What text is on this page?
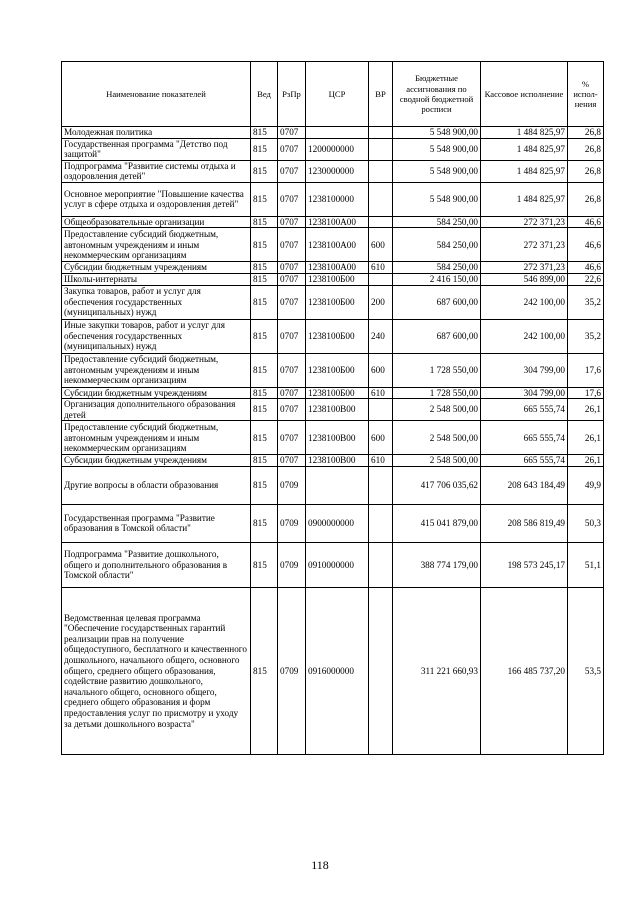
Наименование показателей	Вед	РзПр	ЦСР	ВР	Бюджетные ассигнования по сводной бюджетной росписи	Кассовое исполнение	% испол-нения
Молодежная политика	815	0707			5 548 900,00	1 484 825,97	26,8
Государственная программа "Детство под защитой"	815	0707	1200000000		5 548 900,00	1 484 825,97	26,8
Подпрограмма "Развитие системы отдыха и оздоровления детей"	815	0707	1230000000		5 548 900,00	1 484 825,97	26,8
Основное мероприятие "Повышение качества услуг в сфере отдыха и оздоровления детей"	815	0707	1238100000		5 548 900,00	1 484 825,97	26,8
Общеобразовательные организации	815	0707	1238100А00		584 250,00	272 371,23	46,6
Предоставление субсидий бюджетным, автономным учреждениям и иным некоммерческим организациям	815	0707	1238100А00	600	584 250,00	272 371,23	46,6
Субсидии бюджетным учреждениям	815	0707	1238100А00	610	584 250,00	272 371,23	46,6
Школы-интернаты	815	0707	1238100Б00		2 416 150,00	546 899,00	22,6
Закупка товаров, работ и услуг для обеспечения государственных (муниципальных) нужд	815	0707	1238100Б00	200	687 600,00	242 100,00	35,2
Иные закупки товаров, работ и услуг для обеспечения государственных (муниципальных) нужд	815	0707	1238100Б00	240	687 600,00	242 100,00	35,2
Предоставление субсидий бюджетным, автономным учреждениям и иным некоммерческим организациям	815	0707	1238100Б00	600	1 728 550,00	304 799,00	17,6
Субсидии бюджетным учреждениям	815	0707	1238100Б00	610	1 728 550,00	304 799,00	17,6
Организация дополнительного образования детей	815	0707	1238100В00		2 548 500,00	665 555,74	26,1
Предоставление субсидий бюджетным, автономным учреждениям и иным некоммерческим организациям	815	0707	1238100В00	600	2 548 500,00	665 555,74	26,1
Субсидии бюджетным учреждениям	815	0707	1238100В00	610	2 548 500,00	665 555,74	26,1
Другие вопросы в области образования	815	0709			417 706 035,62	208 643 184,49	49,9
Государственная программа "Развитие образования в Томской области"	815	0709	0900000000		415 041 879,00	208 586 819,49	50,3
Подпрограмма "Развитие дошкольного, общего и дополнительного образования в Томской области"	815	0709	0910000000		388 774 179,00	198 573 245,17	51,1
Ведомственная целевая программа "Обеспечение государственных гарантий реализации прав на получение общедоступного, бесплатного и качественного дошкольного, начального общего, основного общего, среднего общего образования, содействие развитию дошкольного, начального общего, основного общего, среднего общего образования и форм предоставления услуг по присмотру и уходу за детьми дошкольного возраста"	815	0709	0916000000		311 221 660,93	166 485 737,20	53,5
118
